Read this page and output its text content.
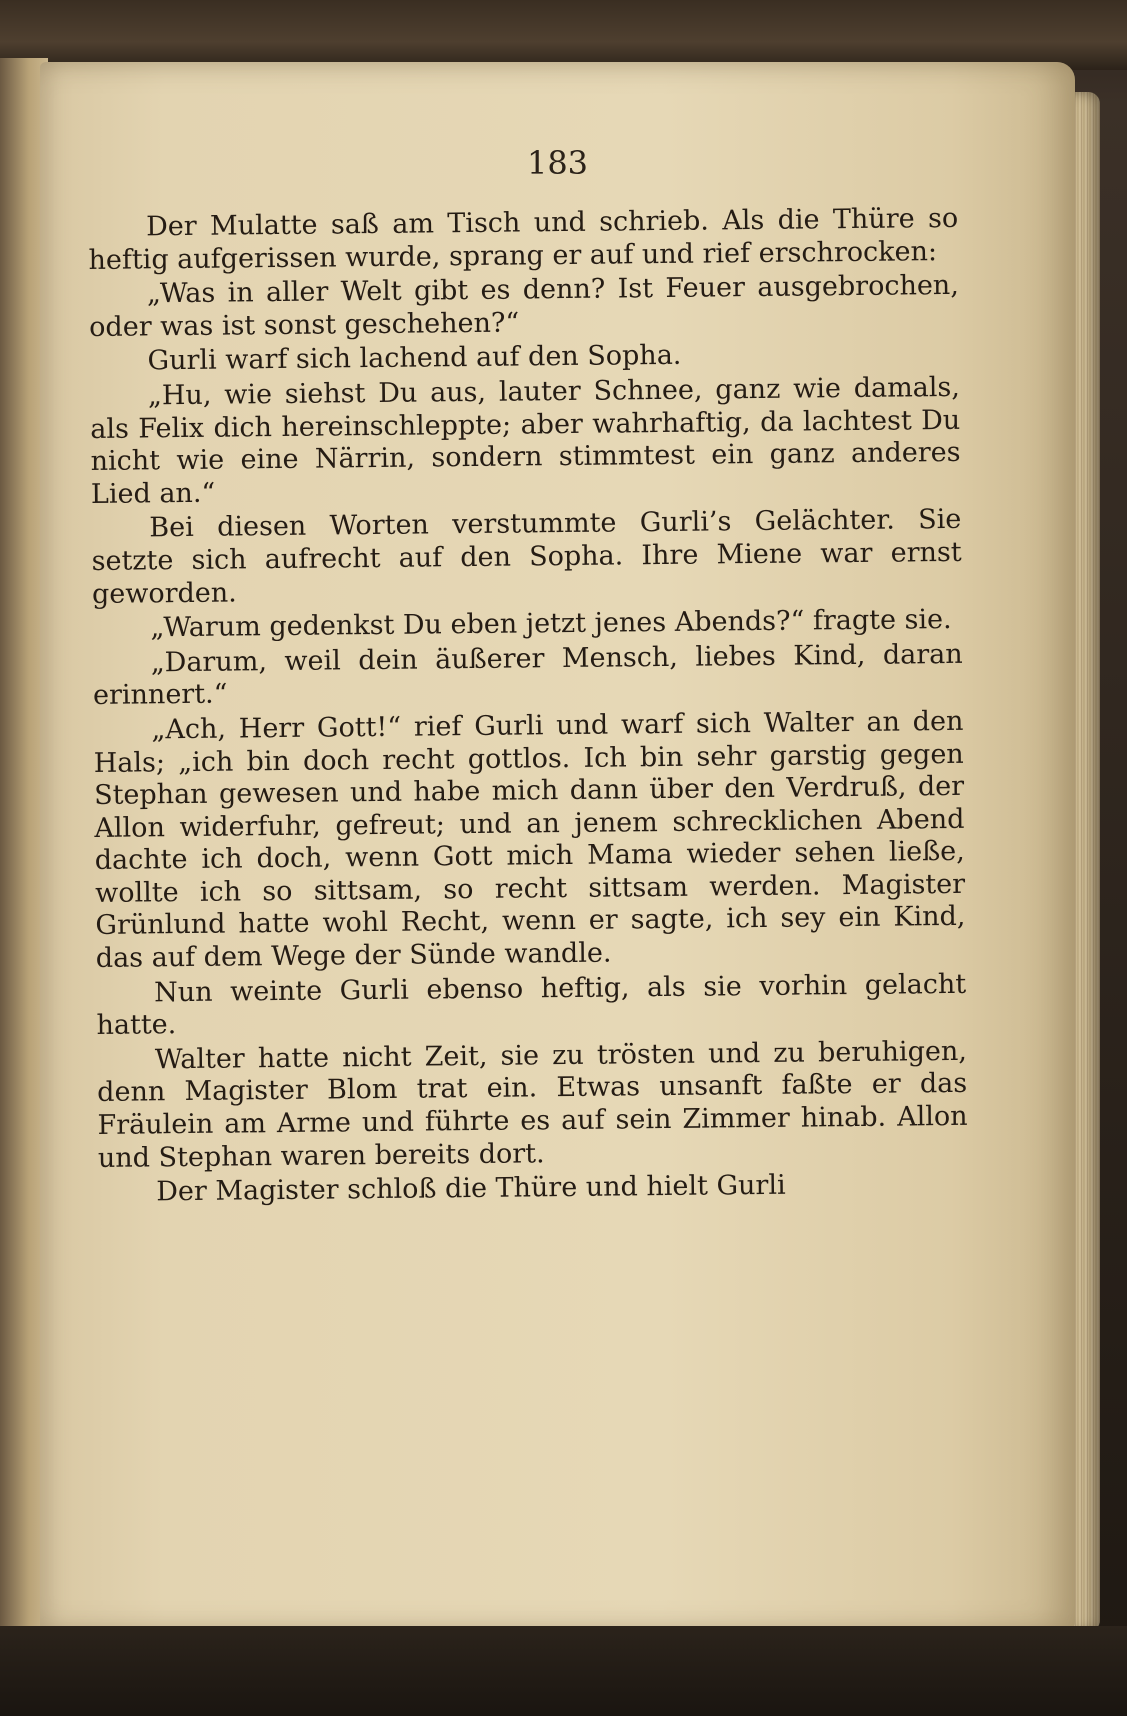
183

Der Mulatte saß am Tisch und schrieb. Als die Thüre so heftig aufgerissen wurde, sprang er auf und rief erschrocken:

„Was in aller Welt gibt es denn? Ist Feuer ausgebrochen, oder was ist sonst geschehen?“

Gurli warf sich lachend auf den Sopha.

„Hu, wie siehst Du aus, lauter Schnee, ganz wie damals, als Felix dich hereinschleppte; aber wahrhaftig, da lachtest Du nicht wie eine Närrin, sondern stimmtest ein ganz anderes Lied an.“

Bei diesen Worten verstummte Gurli’s Gelächter. Sie setzte sich aufrecht auf den Sopha. Ihre Miene war ernst geworden.

„Warum gedenkst Du eben jetzt jenes Abends?“ fragte sie.

„Darum, weil dein äußerer Mensch, liebes Kind, daran erinnert.“

„Ach, Herr Gott!“ rief Gurli und warf sich Walter an den Hals; „ich bin doch recht gottlos. Ich bin sehr garstig gegen Stephan gewesen und habe mich dann über den Verdruß, der Allon widerfuhr, gefreut; und an jenem schrecklichen Abend dachte ich doch, wenn Gott mich Mama wieder sehen ließe, wollte ich so sittsam, so recht sittsam werden. Magister Grünlund hatte wohl Recht, wenn er sagte, ich sey ein Kind, das auf dem Wege der Sünde wandle.

Nun weinte Gurli ebenso heftig, als sie vorhin gelacht hatte.

Walter hatte nicht Zeit, sie zu trösten und zu beruhigen, denn Magister Blom trat ein. Etwas unsanft faßte er das Fräulein am Arme und führte es auf sein Zimmer hinab. Allon und Stephan waren bereits dort.

Der Magister schloß die Thüre und hielt Gurli
